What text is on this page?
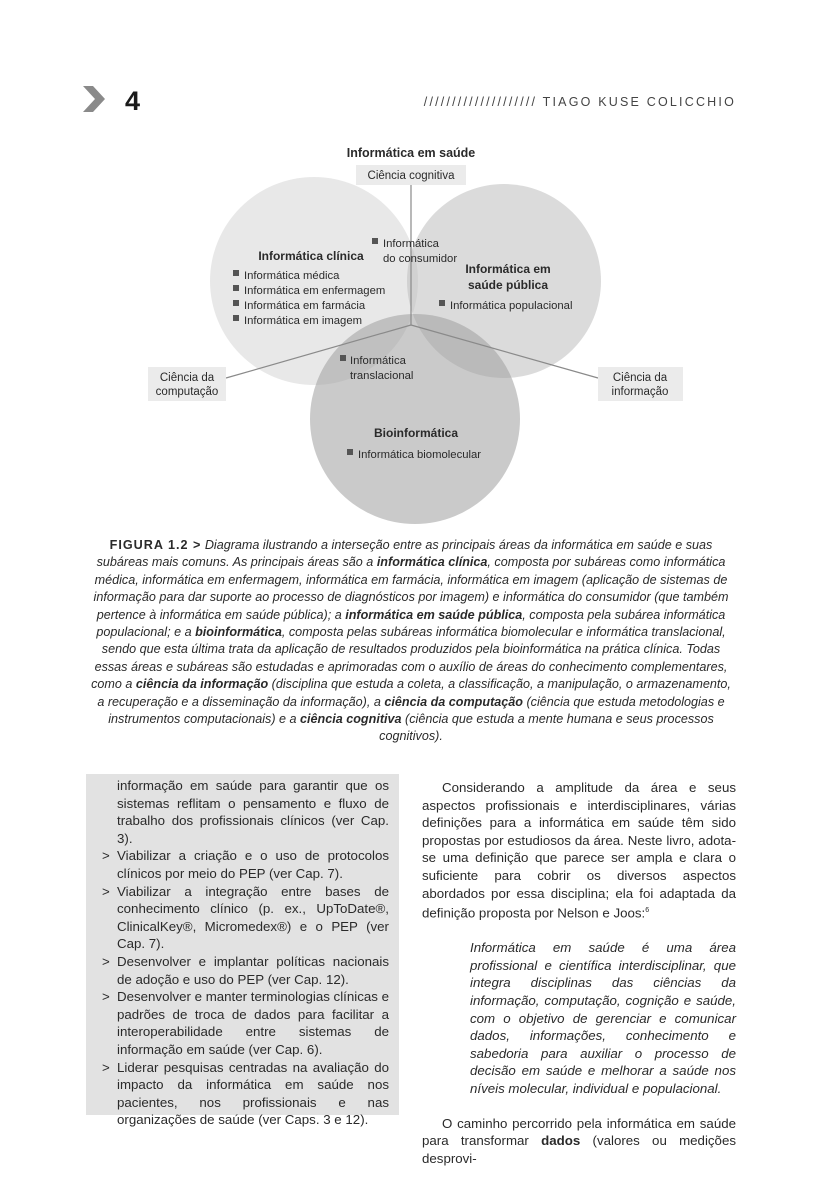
4	//////////////////// TIAGO KUSE COLICCHIO
Informática em saúde
Ciência cognitiva
Ciência da
computação
Ciência da
informação
Informática clínica
Informática médica
Informática em enfermagem
Informática em farmácia
Informática em imagem
Informática
do consumidor
Informática em
saúde pública
Informática populacional
Informática
translacional
Bioinformática
Informática biomolecular
FIGURA 1.2 > Diagrama ilustrando a interseção entre as principais áreas da informática em saúde e suas subáreas mais comuns. As principais áreas são a informática clínica, composta por subáreas como informática médica, informática em enfermagem, informática em farmácia, informática em imagem (aplicação de sistemas de informação para dar suporte ao processo de diagnósticos por imagem) e informática do consumidor (que também pertence à informática em saúde pública); a informática em saúde pública, composta pela subárea informática populacional; e a bioinformática, composta pelas subáreas informática biomolecular e informática translacional, sendo que esta última trata da aplicação de resultados produzidos pela bioinformática na prática clínica. Todas essas áreas e subáreas são estudadas e aprimoradas com o auxílio de áreas do conhecimento complementares, como a ciência da informação (disciplina que estuda a coleta, a classificação, a manipulação, o armazenamento, a recuperação e a disseminação da informação), a ciência da computação (ciência que estuda metodologias e instrumentos computacionais) e a ciência cognitiva (ciência que estuda a mente humana e seus processos cognitivos).

informação em saúde para garantir que os sistemas reflitam o pensamento e fluxo de trabalho dos profissionais clínicos (ver Cap. 3).

> Viabilizar a criação e o uso de protocolos clínicos por meio do PEP (ver Cap. 7).
> Viabilizar a integração entre bases de conhecimento clínico (p. ex., UpToDate®, ClinicalKey®, Micromedex®) e o PEP (ver Cap. 7).
> Desenvolver e implantar políticas nacionais de adoção e uso do PEP (ver Cap. 12).
> Desenvolver e manter terminologias clínicas e padrões de troca de dados para facilitar a interoperabilidade entre sistemas de informação em saúde (ver Cap. 6).
> Liderar pesquisas centradas na avaliação do impacto da informática em saúde nos pacientes, nos profissionais e nas organizações de saúde (ver Caps. 3 e 12).

Considerando a amplitude da área e seus aspectos profissionais e interdisciplinares, várias definições para a informática em saúde têm sido propostas por estudiosos da área. Neste livro, adota-se uma definição que parece ser ampla e clara o suficiente para cobrir os diversos aspectos abordados por essa disciplina; ela foi adaptada da definição proposta por Nelson e Joos:$^6$

Informática em saúde é uma área profissional e científica interdisciplinar, que integra disciplinas das ciências da informação, computação, cognição e saúde, com o objetivo de gerenciar e comunicar dados, informações, conhecimento e sabedoria para auxiliar o processo de decisão em saúde e melhorar a saúde nos níveis molecular, individual e populacional.

O caminho percorrido pela informática em saúde para transformar dados (valores ou medições desprovi-
